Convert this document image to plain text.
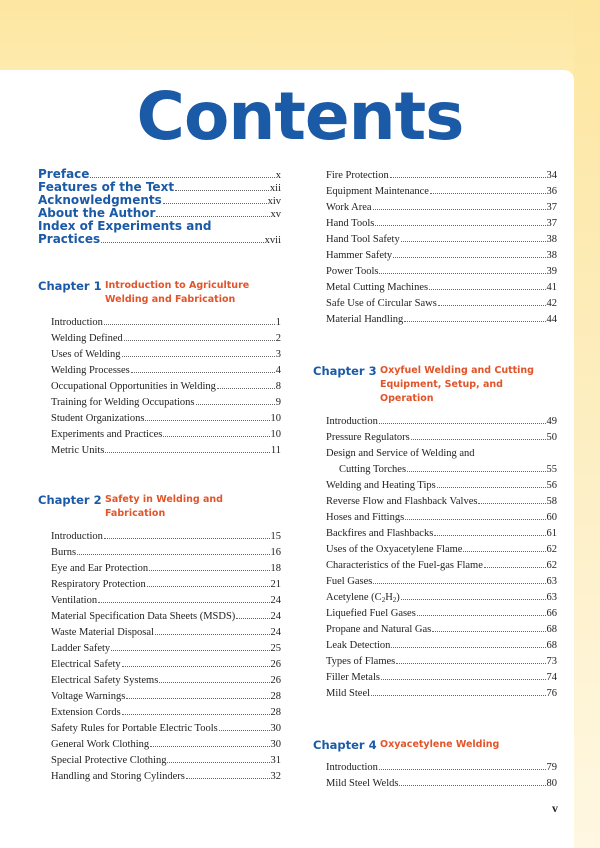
Contents
Preface	x
Features of the Text	xii
Acknowledgments	xiv
About the Author	xv
Index of Experiments and
Practices	xvii
Chapter 1 Introduction to Agriculture Welding and Fabrication
Introduction	1
Welding Defined	2
Uses of Welding	3
Welding Processes	4
Occupational Opportunities in Welding	8
Training for Welding Occupations	9
Student Organizations	10
Experiments and Practices	10
Metric Units	11
Chapter 2 Safety in Welding and Fabrication
Introduction	15
Burns	16
Eye and Ear Protection	18
Respiratory Protection	21
Ventilation	24
Material Specification Data Sheets (MSDS)	24
Waste Material Disposal	24
Ladder Safety	25
Electrical Safety	26
Electrical Safety Systems	26
Voltage Warnings	28
Extension Cords	28
Safety Rules for Portable Electric Tools	30
General Work Clothing	30
Special Protective Clothing	31
Handling and Storing Cylinders	32
Fire Protection	34
Equipment Maintenance	36
Work Area	37
Hand Tools	37
Hand Tool Safety	38
Hammer Safety	38
Power Tools	39
Metal Cutting Machines	41
Safe Use of Circular Saws	42
Material Handling	44
Chapter 3 Oxyfuel Welding and Cutting Equipment, Setup, and Operation
Introduction	49
Pressure Regulators	50
Design and Service of Welding and
Cutting Torches	55
Welding and Heating Tips	56
Reverse Flow and Flashback Valves	58
Hoses and Fittings	60
Backfires and Flashbacks	61
Uses of the Oxyacetylene Flame	62
Characteristics of the Fuel-gas Flame	62
Fuel Gases	63
Acetylene $(C_2H_2)$	63
Liquefied Fuel Gases	66
Propane and Natural Gas	68
Leak Detection	68
Types of Flames	73
Filler Metals	74
Mild Steel	76
Chapter 4 Oxyacetylene Welding
Introduction	79
Mild Steel Welds	80
v
